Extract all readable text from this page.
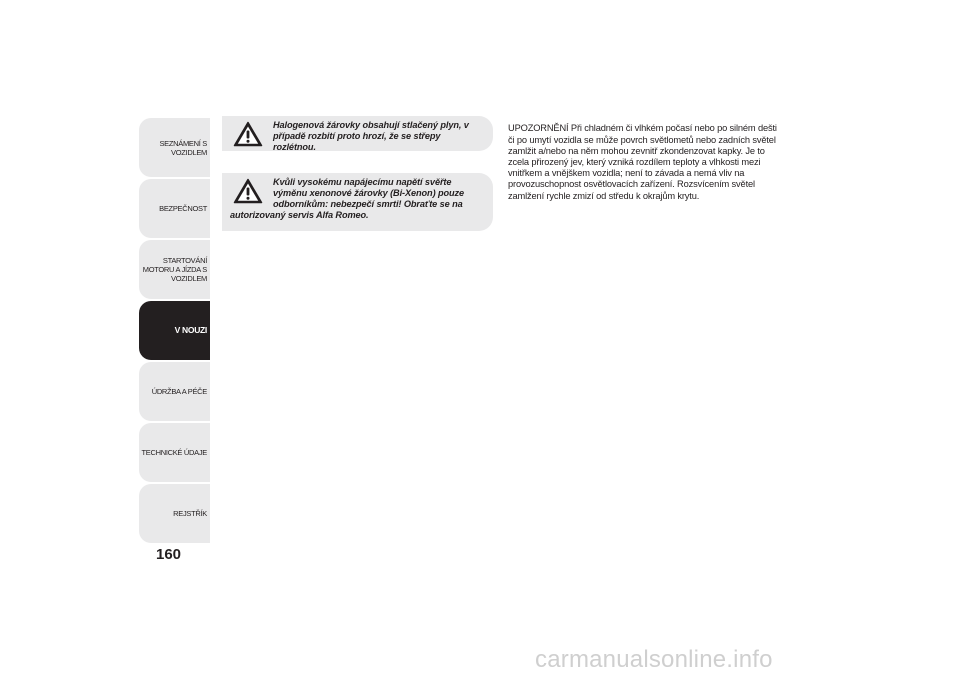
SEZNÁMENÍ S
VOZIDLEM
BEZPEČNOST
STARTOVÁNÍ
MOTORU A JÍZDA S
VOZIDLEM
V NOUZI
ÚDRŽBA A PÉČE
TECHNICKÉ ÚDAJE
REJSTŘÍK
160
Halogenová žárovky obsahují stlačený plyn, v případě rozbití proto hrozí, že se střepy rozlétnou.
Kvůli vysokému napájecímu napětí svěřte výměnu xenonové žárovky (Bi-Xenon) pouze odborníkům: nebezpečí smrti! Obraťte se na autorizovaný servis Alfa Romeo.

UPOZORNĚNÍ Při chladném či vlhkém počasí nebo po silném dešti či po umytí vozidla se může povrch světlometů nebo zadních světel zamlžit a/nebo na něm mohou zevnitř zkondenzovat kapky. Je to zcela přirozený jev, který vzniká rozdílem teploty a vlhkosti mezi vnitřkem a vnějškem vozidla; není to závada a nemá vliv na provozuschopnost osvětlovacích zařízení. Rozsvícením světel zamlžení rychle zmizí od středu k okrajům krytu.

carmanualsonline.info
